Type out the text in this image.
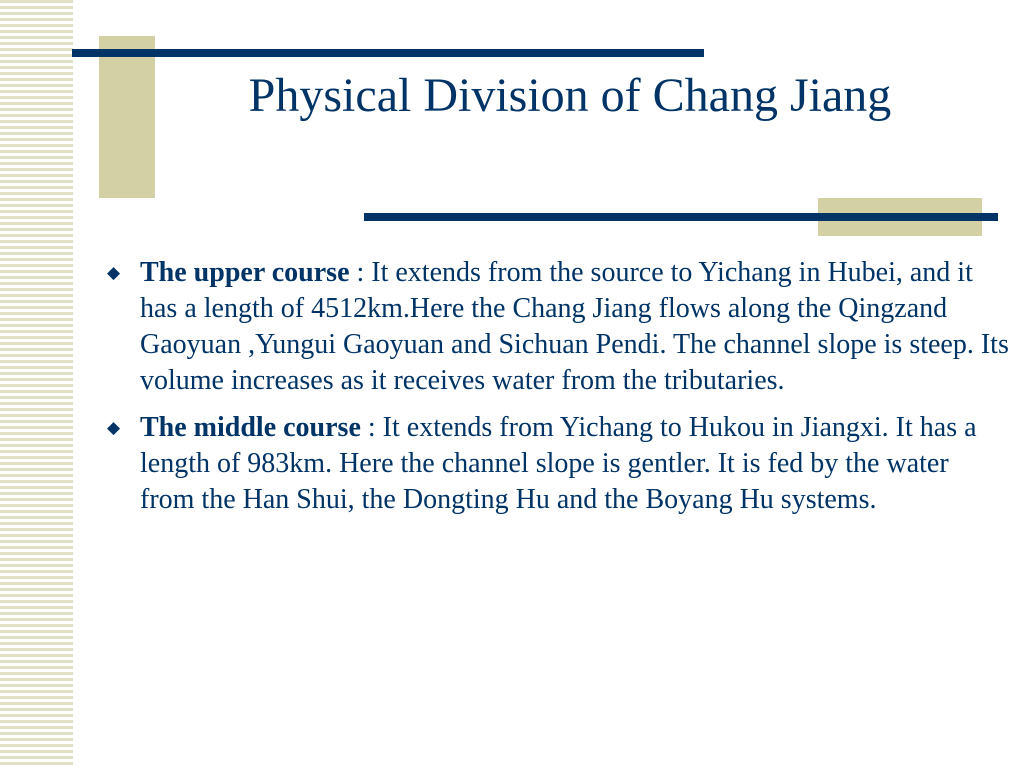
Physical Division of Chang Jiang
◆ The upper course : It extends from the source to Yichang in Hubei, and it has a length of 4512km.Here the Chang Jiang flows along the Qingzand Gaoyuan ,Yungui Gaoyuan and Sichuan Pendi. The channel slope is steep. Its volume increases as it receives water from the tributaries.
◆ The middle course : It extends from Yichang to Hukou in Jiangxi. It has a length of 983km. Here the channel slope is gentler. It is fed by the water from the Han Shui, the Dongting Hu and the Boyang Hu systems.
